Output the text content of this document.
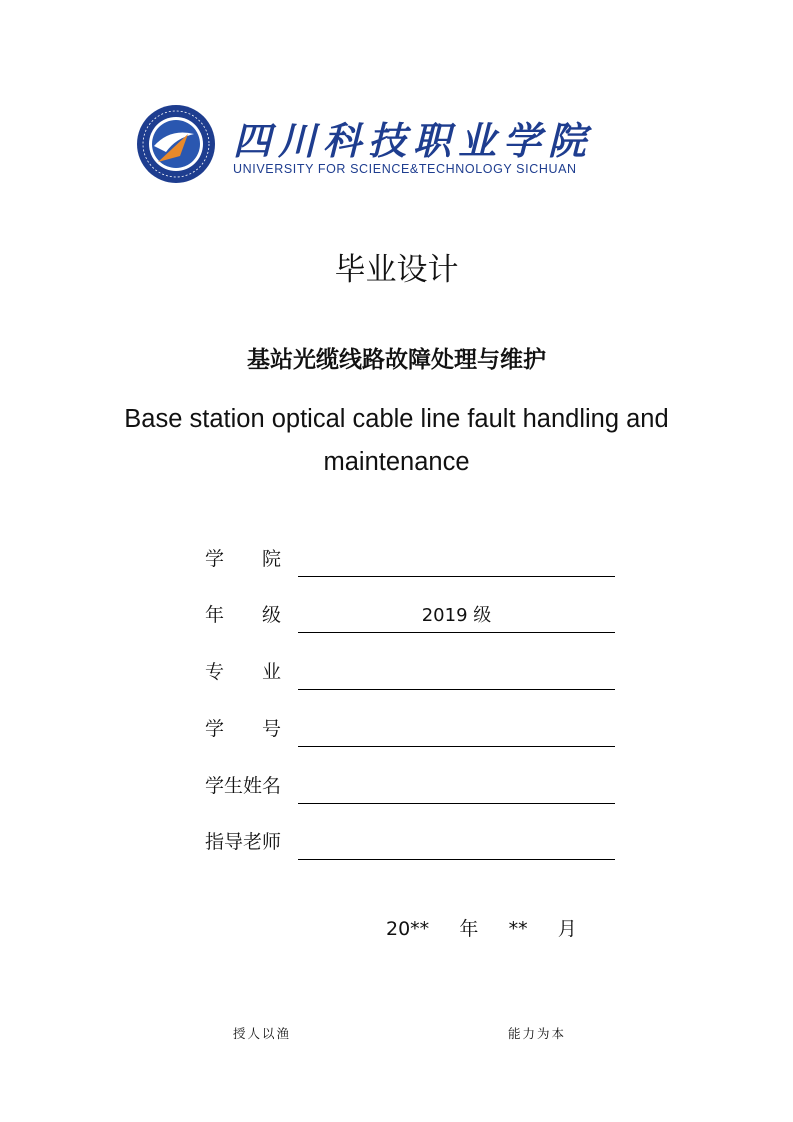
四川科技职业学院
UNIVERSITY FOR SCIENCE&TECHNOLOGY SICHUAN
毕业设计
基站光缆线路故障处理与维护
Base station optical cable line fault handling and maintenance
学　　院
年　　级	2019 级
专　　业
学　　号
学生姓名
指导老师
20**     年     **     月
授人以渔	能力为本
